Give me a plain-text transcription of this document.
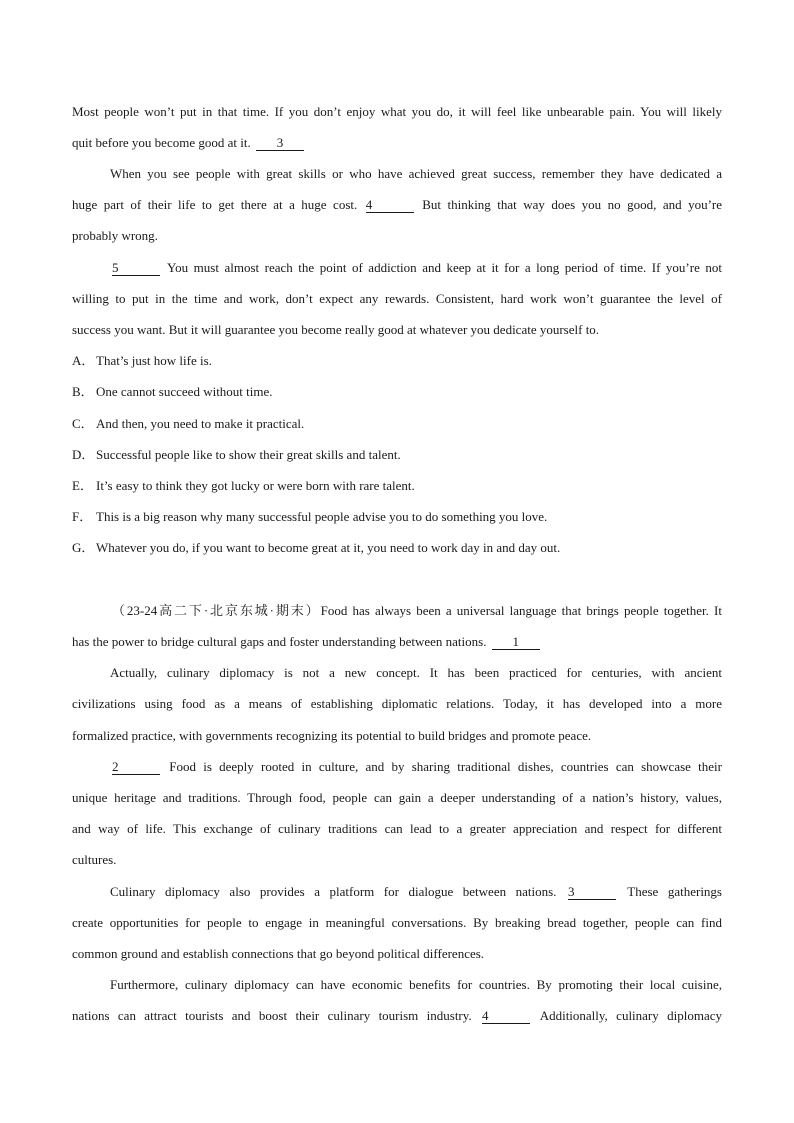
Most people won’t put in that time. If you don’t enjoy what you do, it will feel like unbearable pain. You will likely
quit before you become good at it. 3
When you see people with great skills or who have achieved great success, remember they have dedicated a
huge part of their life to get there at a huge cost. 4	But thinking that way does you no good, and you’re
probably wrong.
5	You must almost reach the point of addiction and keep at it for a long period of time. If you’re not
willing to put in the time and work, don’t expect any rewards. Consistent, hard work won’t guarantee the level of
success you want. But it will guarantee you become really good at whatever you dedicate yourself to.
A． That’s just how life is.
B． One cannot succeed without time.
C． And then, you need to make it practical.
D． Successful people like to show their great skills and talent.
E． It’s easy to think they got lucky or were born with rare talent.
F． This is a big reason why many successful people advise you to do something you love.
G． Whatever you do, if you want to become great at it, you need to work day in and day out.
（23-24高二下·北京东城·期末）Food has always been a universal language that brings people together. It
has the power to bridge cultural gaps and foster understanding between nations. 1
Actually, culinary diplomacy is not a new concept. It has been practiced for centuries, with ancient
civilizations using food as a means of establishing diplomatic relations. Today, it has developed into a more
formalized practice, with governments recognizing its potential to build bridges and promote peace.
2	Food is deeply rooted in culture, and by sharing traditional dishes, countries can showcase their
unique heritage and traditions. Through food, people can gain a deeper understanding of a nation’s history, values,
and way of life. This exchange of culinary traditions can lead to a greater appreciation and respect for different
cultures.
Culinary diplomacy also provides a platform for dialogue between nations. 3	These gatherings
create opportunities for people to engage in meaningful conversations. By breaking bread together, people can find
common ground and establish connections that go beyond political differences.
Furthermore, culinary diplomacy can have economic benefits for countries. By promoting their local cuisine,
nations can attract tourists and boost their culinary tourism industry. 4	Additionally, culinary diplomacy
